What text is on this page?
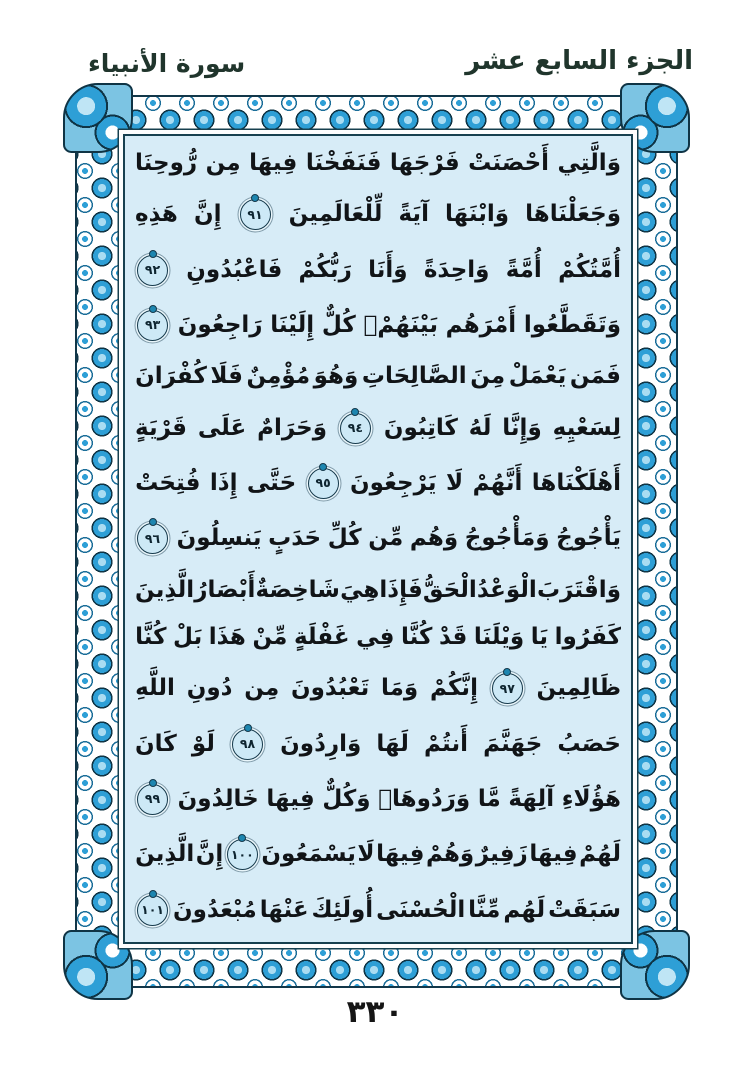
الجزء السابع عشر
سورة الأنبياء
وَالَّتِي
أَحْصَنَتْ
فَرْجَهَا
فَنَفَخْنَا
فِيهَا
مِن
رُّوحِنَا
وَجَعَلْنَاهَا
وَابْنَهَا
آيَةً
لِّلْعَالَمِينَ
٩١
إِنَّ
هَذِهِ
أُمَّتُكُمْ
أُمَّةً
وَاحِدَةً
وَأَنَا
رَبُّكُمْ
فَاعْبُدُونِ
٩٢
وَتَقَطَّعُوا
أَمْرَهُم
بَيْنَهُمْۖ
كُلٌّ
إِلَيْنَا
رَاجِعُونَ
٩٣
فَمَن
يَعْمَلْ
مِنَ
الصَّالِحَاتِ
وَهُوَ
مُؤْمِنٌ
فَلَا
كُفْرَانَ
لِسَعْيِهِ
وَإِنَّا
لَهُ
كَاتِبُونَ
٩٤
وَحَرَامٌ
عَلَى
قَرْيَةٍ
أَهْلَكْنَاهَا
أَنَّهُمْ
لَا
يَرْجِعُونَ
٩٥
حَتَّى
إِذَا
فُتِحَتْ
يَأْجُوجُ
وَمَأْجُوجُ
وَهُم
مِّن
كُلِّ
حَدَبٍ
يَنسِلُونَ
٩٦
وَاقْتَرَبَ
الْوَعْدُ
الْحَقُّ
فَإِذَا
هِيَ
شَاخِصَةٌ
أَبْصَارُ
الَّذِينَ
كَفَرُوا
يَا
وَيْلَنَا
قَدْ
كُنَّا
فِي
غَفْلَةٍ
مِّنْ
هَذَا
بَلْ
كُنَّا
ظَالِمِينَ
٩٧
إِنَّكُمْ
وَمَا
تَعْبُدُونَ
مِن
دُونِ
اللَّهِ
حَصَبُ
جَهَنَّمَ
أَنتُمْ
لَهَا
وَارِدُونَ
٩٨
لَوْ
كَانَ
هَؤُلَاءِ
آلِهَةً
مَّا
وَرَدُوهَاۖ
وَكُلٌّ
فِيهَا
خَالِدُونَ
٩٩
لَهُمْ
فِيهَا
زَفِيرٌ
وَهُمْ
فِيهَا
لَا
يَسْمَعُونَ
١٠٠
إِنَّ
الَّذِينَ
سَبَقَتْ
لَهُم
مِّنَّا
الْحُسْنَى
أُولَئِكَ
عَنْهَا
مُبْعَدُونَ
١٠١
٣٣٠
